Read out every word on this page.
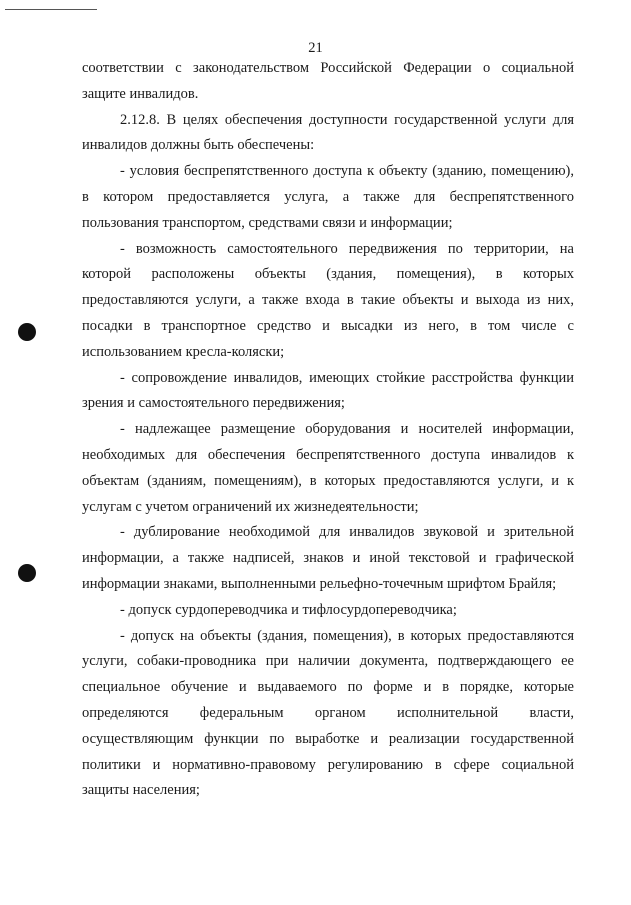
21

соответствии с законодательством Российской Федерации о социальной защите инвалидов.

2.12.8. В целях обеспечения доступности государственной услуги для инвалидов должны быть обеспечены:

- условия беспрепятственного доступа к объекту (зданию, помещению), в котором предоставляется услуга, а также для беспрепятственного пользования транспортом, средствами связи и информации;

- возможность самостоятельного передвижения по территории, на которой расположены объекты (здания, помещения), в которых предоставляются услуги, а также входа в такие объекты и выхода из них, посадки в транспортное средство и высадки из него, в том числе с использованием кресла-коляски;

- сопровождение инвалидов, имеющих стойкие расстройства функции зрения и самостоятельного передвижения;

- надлежащее размещение оборудования и носителей информации, необходимых для обеспечения беспрепятственного доступа инвалидов к объектам (зданиям, помещениям), в которых предоставляются услуги, и к услугам с учетом ограничений их жизнедеятельности;

- дублирование необходимой для инвалидов звуковой и зрительной информации, а также надписей, знаков и иной текстовой и графической информации знаками, выполненными рельефно-точечным шрифтом Брайля;

- допуск сурдопереводчика и тифлосурдопереводчика;

- допуск на объекты (здания, помещения), в которых предоставляются услуги, собаки-проводника при наличии документа, подтверждающего ее специальное обучение и выдаваемого по форме и в порядке, которые определяются федеральным органом исполнительной власти, осуществляющим функции по выработке и реализации государственной политики и нормативно-правовому регулированию в сфере социальной защиты населения;
